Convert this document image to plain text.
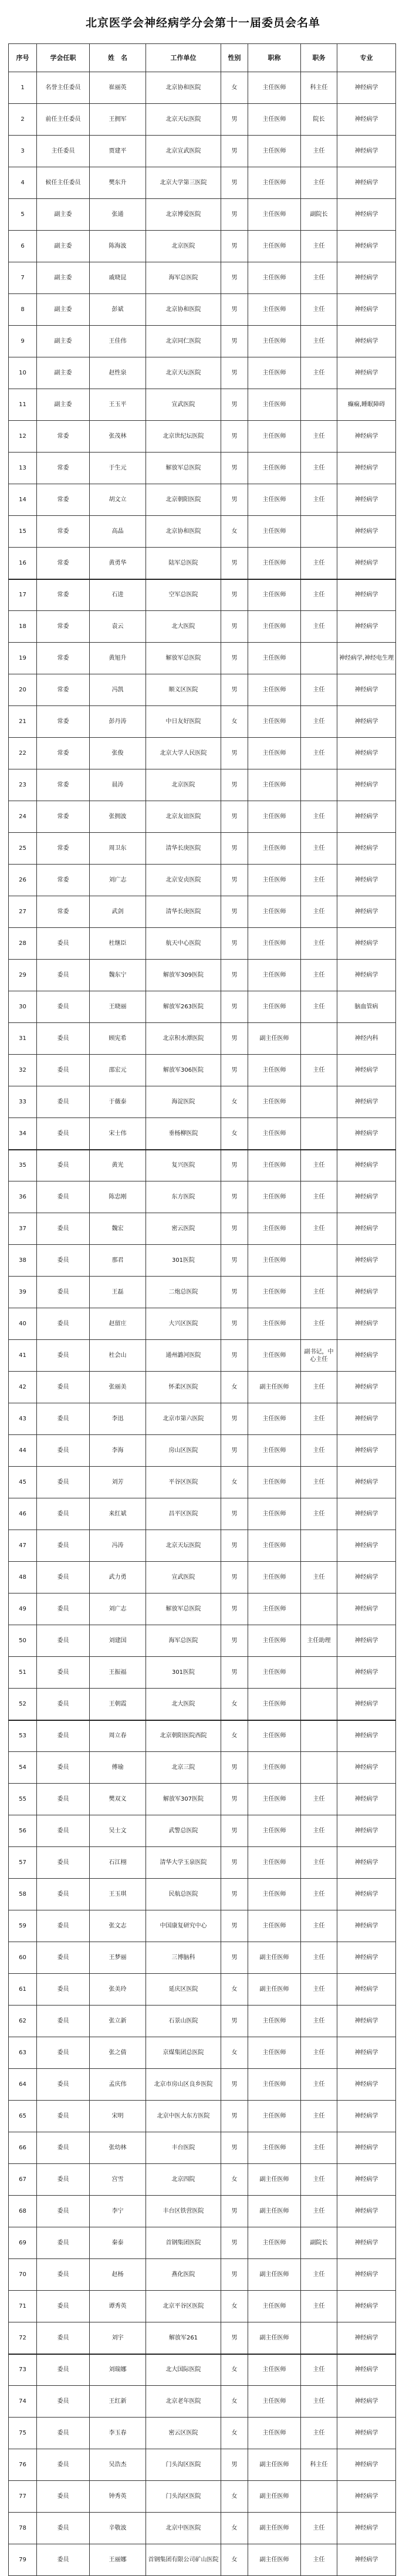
北京医学会神经病学分会第十一届委员会名单
序号	学会任职	姓　名	工作单位	性别	职称	职务	专业
1	名誉主任委员	崔丽英	北京协和医院	女	主任医师	科主任	神经病学
2	前任主任委员	王拥军	北京天坛医院	男	主任医师	院长	神经病学
3	主任委员	贾建平	北京宣武医院	男	主任医师	主任	神经病学
4	候任主任委员	樊东升	北京大学第三医院	男	主任医师	主任	神经病学
5	副主委	张通	北京博爱医院	男	主任医师	副院长	神经病学
6	副主委	陈海波	北京医院	男	主任医师	主任	神经病学
7	副主委	戚晓昆	海军总医院	男	主任医师	主任	神经病学
8	副主委	彭斌	北京协和医院	男	主任医师	主任	神经病学
9	副主委	王佳伟	北京同仁医院	男	主任医师	主任	神经病学
10	副主委	赵性泉	北京天坛医院	男	主任医师	主任	神经病学
11	副主委	王玉平	宣武医院	男	主任医师		癫痫,睡眠障碍
12	常委	张茂林	北京世纪坛医院	男	主任医师	主任	神经病学
13	常委	于生元	解放军总医院	男	主任医师	主任	神经病学
14	常委	胡文立	北京朝阳医院	男	主任医师	主任	神经病学
15	常委	高晶	北京协和医院	女	主任医师		神经病学
16	常委	黄勇华	陆军总医院	男	主任医师	主任	神经病学
17	常委	石进	空军总医院	男	主任医师	主任	神经病学
18	常委	袁云	北大医院	男	主任医师	主任	神经病学
19	常委	黄旭升	解放军总医院	男	主任医师		神经病学,神经电生理
20	常委	冯凯	顺义区医院	男	主任医师	主任	神经病学
21	常委	彭丹涛	中日友好医院	女	主任医师	主任	神经病学
22	常委	张俊	北京大学人民医院	男	主任医师	主任	神经病学
23	常委	晨涛	北京医院	男	主任医师		神经病学
24	常委	张拥波	北京友谊医院	男	主任医师	主任	神经病学
25	常委	周卫东	清华长庚医院	男	主任医师	主任	神经病学
26	常委	刘广志	北京安贞医院	男	主任医师	主任	神经病学
27	常委	武剑	清华长庚医院	男	主任医师	主任	神经病学
28	委员	杜继臣	航天中心医院	男	主任医师	主任	神经病学
29	委员	魏东宁	解放军309医院	男	主任医师	主任	神经病学
30	委员	王晓丽	解放军263医院	男	主任医师	主任	脑血管病
31	委员	顾宪希	北京积水潭医院	男	副主任医师		神经内科
32	委员	邵宏元	解放军306医院	男	主任医师	主任	神经病学
33	委员	于薇泰	海淀医院	女	主任医师		神经病学
34	委员	宋士伟	垂杨柳医院	女	主任医师		神经病学
35	委员	黄光	复兴医院	男	主任医师	主任	神经病学
36	委员	陈忠刚	东方医院	男	主任医师	主任	神经病学
37	委员	魏宏	密云医院	男	主任医师	主任	神经病学
38	委员	那君	301医院	男	主任医师		神经病学
39	委员	王磊	二炮总医院	男	主任医师	主任	神经病学
40	委员	赵留庄	大兴区医院	男	主任医师	主任	神经病学
41	委员	杜会山	通州潞河医院	男	主任医师	副书记，中心主任	神经病学
42	委员	张丽美	怀柔区医院	女	副主任医师	主任	神经病学
43	委员	李迅	北京市第六医院	男	主任医师	主任	神经病学
44	委员	李海	房山区医院	男	主任医师	主任	神经病学
45	委员	刘芳	平谷区医院	女	主任医师	主任	神经病学
46	委员	来红斌	昌平区医院	男	主任医师	主任	神经病学
47	委员	冯涛	北京天坛医院	男	主任医师		神经病学
48	委员	武力勇	宣武医院	男	主任医师	主任	神经病学
49	委员	刘广志	解放军总医院	男	主任医师		神经病学
50	委员	刘建国	海军总医院	男	主任医师	主任助理	神经病学
51	委员	王振福	301医院	男	主任医师		神经病学
52	委员	王朝霞	北大医院	女	主任医师		神经病学
53	委员	周立春	北京朝阳医院西院	女	主任医师		神经病学
54	委员	傅瑜	北京三院	男	主任医师		神经病学
55	委员	樊双义	解放军307医院	男	主任医师	主任	神经病学
56	委员	吴士文	武警总医院	男	主任医师	主任	神经病学
57	委员	石江栩	清华大学玉泉医院	男	主任医师	主任	神经病学
58	委员	王玉琪	民航总医院	男	主任医师	主任	神经病学
59	委员	张文志	中国康复研究中心	男	主任医师	主任	神经病学
60	委员	王梦丽	三博脑科	男	副主任医师	主任	神经病学
61	委员	张美玲	延庆区医院	女	副主任医师	主任	神经病学
62	委员	张立新	石景山医院	男	主任医师	主任	神经病学
63	委员	张之倩	京煤集团总医院	女	主任医师	主任	神经病学
64	委员	孟庆伟	北京市房山区良乡医院	男	主任医师	主任	神经病学
65	委员	宋明	北京中医大东方医院	男	主任医师	主任	神经病学
66	委员	张幼林	丰台医院	男	主任医师	主任	神经病学
67	委员	宫雪	北京四院	女	副主任医师	主任	神经病学
68	委员	李宁	丰台区铁营医院	男	副主任医师	主任	神经病学
69	委员	秦泰	首钢集团医院	男	主任医师	副院长	神经病学
70	委员	赵杨	燕化医院	男	副主任医师	主任	神经病学
71	委员	谭秀英	北京平谷区医院	女	主任医师	主任	神经病学
72	委员	刘宇	解放军261	男	副主任医师		神经病学
73	委员	刘瑞娜	北大国际医院	女	主任医师	主任	神经病学
74	委员	王红新	北京老年医院	女	主任医师	主任	神经病学
75	委员	李玉春	密云区医院	女	主任医师	主任	神经病学
76	委员	吴浩杰	门头沟区医院	男	副主任医师	科主任	神经病学
77	委员	钟秀英	门头沟区医院	女	副主任医师		神经病学
78	委员	辛敬波	北京中医医院	女	副主任医师	主任	神经病学
79	委员	王丽娜	首钢集团有限公司矿山医院	女	副主任医师	主任	神经病学
